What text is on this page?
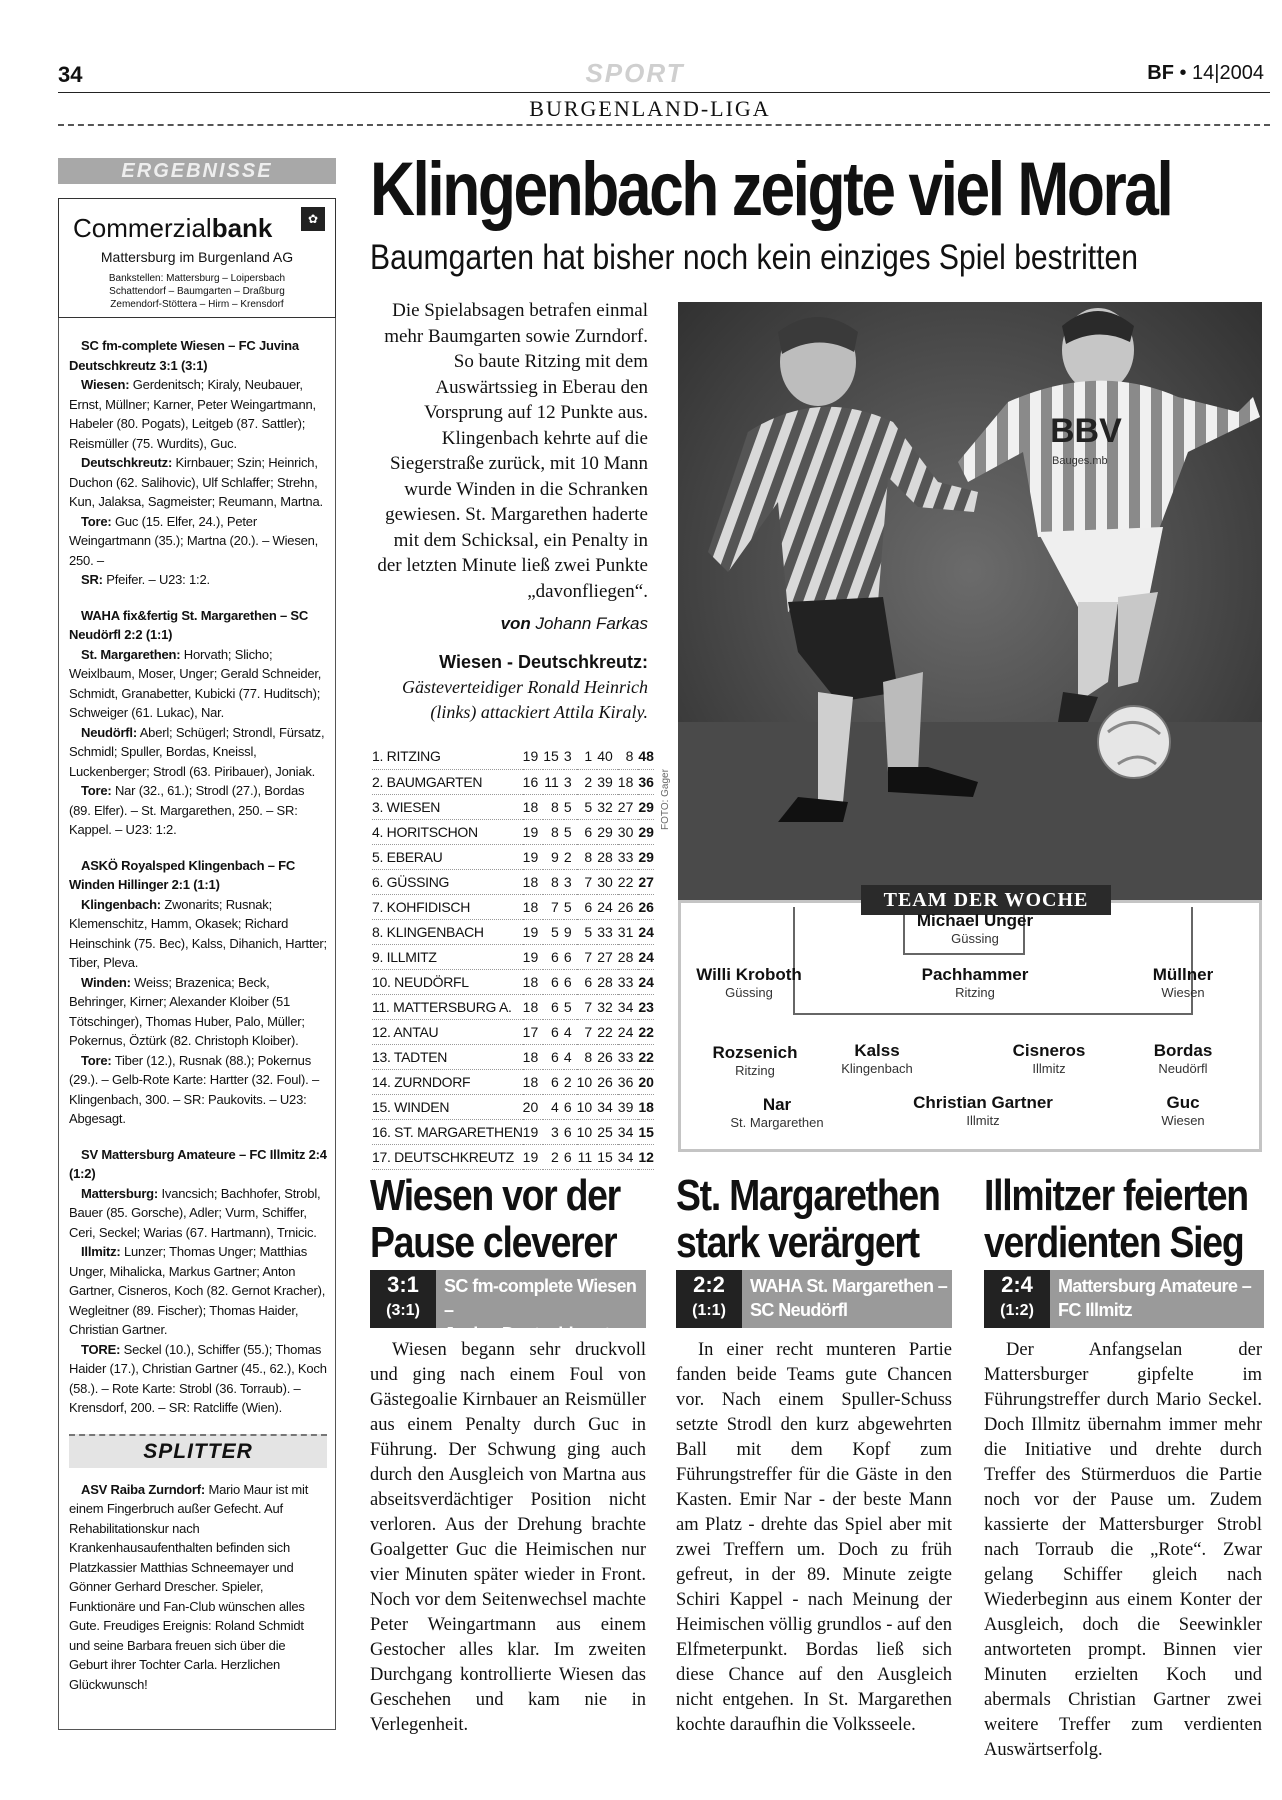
34	SPORT	BF • 14|2004
BURGENLAND-LIGA
ERGEBNISSE
Commerzialbank	✿
Mattersburg im Burgenland AG
Bankstellen: Mattersburg – Loipersbach
Schattendorf – Baumgarten – Draßburg
Zemendorf-Stöttera – Hirm – Krensdorf

SC fm-complete Wiesen – FC Juvina Deutschkreutz 3:1 (3:1)

Wiesen: Gerdenitsch; Kiraly, Neubauer, Ernst, Müllner; Karner, Peter Weingartmann, Habeler (80. Pogats), Leitgeb (87. Sattler); Reismüller (75. Wurdits), Guc.

Deutschkreutz: Kirnbauer; Szin; Heinrich, Duchon (62. Salihovic), Ulf Schlaffer; Strehn, Kun, Jalaksa, Sagmeister; Reumann, Martna.

Tore: Guc (15. Elfer, 24.), Peter Weingartmann (35.); Martna (20.). – Wiesen, 250. –

SR: Pfeifer. – U23: 1:2.

WAHA fix&fertig St. Margarethen – SC Neudörfl 2:2 (1:1)

St. Margarethen: Horvath; Slicho; Weixlbaum, Moser, Unger; Gerald Schneider, Schmidt, Granabetter, Kubicki (77. Huditsch); Schweiger (61. Lukac), Nar.

Neudörfl: Aberl; Schügerl; Strondl, Fürsatz, Schmidl; Spuller, Bordas, Kneissl, Luckenberger; Strodl (63. Piribauer), Joniak.

Tore: Nar (32., 61.); Strodl (27.), Bordas (89. Elfer). – St. Margarethen, 250. – SR: Kappel. – U23: 1:2.

ASKÖ Royalsped Klingenbach – FC Winden Hillinger 2:1 (1:1)

Klingenbach: Zwonarits; Rusnak; Klemenschitz, Hamm, Okasek; Richard Heinschink (75. Bec), Kalss, Dihanich, Hartter; Tiber, Pleva.

Winden: Weiss; Brazenica; Beck, Behringer, Kirner; Alexander Kloiber (51 Tötschinger), Thomas Huber, Palo, Müller; Pokernus, Öztürk (82. Christoph Kloiber).

Tore: Tiber (12.), Rusnak (88.); Pokernus (29.). – Gelb-Rote Karte: Hartter (32. Foul). – Klingenbach, 300. – SR: Paukovits. – U23: Abgesagt.

SV Mattersburg Amateure – FC Illmitz 2:4 (1:2)

Mattersburg: Ivancsich; Bachhofer, Strobl, Bauer (85. Gorsche), Adler; Vurm, Schiffer, Ceri, Seckel; Warias (67. Hartmann), Trnicic.

Illmitz: Lunzer; Thomas Unger; Matthias Unger, Mihalicka, Markus Gartner; Anton Gartner, Cisneros, Koch (82. Gernot Kracher), Wegleitner (89. Fischer); Thomas Haider, Christian Gartner.

TORE: Seckel (10.), Schiffer (55.); Thomas Haider (17.), Christian Gartner (45., 62.), Koch (58.). – Rote Karte: Strobl (36. Torraub). – Krensdorf, 200. – SR: Ratcliffe (Wien).

SPLITTER

ASV Raiba Zurndorf: Mario Maur ist mit einem Fingerbruch außer Gefecht. Auf Rehabilitationskur nach Krankenhausaufenthalten befinden sich Platzkassier Matthias Schneemayer und Gönner Gerhard Drescher. Spieler, Funktionäre und Fan-Club wünschen alles Gute. Freudiges Ereignis: Roland Schmidt und seine Barbara freuen sich über die Geburt ihrer Tochter Carla. Herzlichen Glückwunsch!

Klingenbach zeigte viel Moral
Baumgarten hat bisher noch kein einziges Spiel bestritten
Die Spielabsagen betrafen einmal mehr Baumgarten sowie Zurndorf. So baute Ritzing mit dem Auswärtssieg in Eberau den Vorsprung auf 12 Punkte aus. Klingenbach kehrte auf die Siegerstraße zurück, mit 10 Mann wurde Winden in die Schranken gewiesen. St. Margarethen haderte mit dem Schicksal, ein Penalty in der letzten Minute ließ zwei Punkte „davonfliegen“.
von Johann Farkas
Wiesen - Deutschkreutz: Gästeverteidiger Ronald Heinrich (links) attackiert Attila Kiraly.
1. RITZING	19	15	3	1	40	8	48
2. BAUMGARTEN	16	11	3	2	39	18	36
3. WIESEN	18	8	5	5	32	27	29
4. HORITSCHON	19	8	5	6	29	30	29
5. EBERAU	19	9	2	8	28	33	29
6. GÜSSING	18	8	3	7	30	22	27
7. KOHFIDISCH	18	7	5	6	24	26	26
8. KLINGENBACH	19	5	9	5	33	31	24
9. ILLMITZ	19	6	6	7	27	28	24
10. NEUDÖRFL	18	6	6	6	28	33	24
11. MATTERSBURG A.	18	6	5	7	32	34	23
12. ANTAU	17	6	4	7	22	24	22
13. TADTEN	18	6	4	8	26	33	22
14. ZURNDORF	18	6	2	10	26	36	20
15. WINDEN	20	4	6	10	34	39	18
16. ST. MARGARETHEN	19	3	6	10	25	34	15
17. DEUTSCHKREUTZ	19	2	6	11	15	34	12
BBV
Bauges.mb
FOTO: Gager
TEAM DER WOCHE
Michael Unger
Güssing
Willi Kroboth
Güssing
Pachhammer
Ritzing
Müllner
Wiesen
Rozsenich
Ritzing
Kalss
Klingenbach
Cisneros
Illmitz
Bordas
Neudörfl
Nar
St. Margarethen
Christian Gartner
Illmitz
Guc
Wiesen
Wiesen vor der
Pause cleverer
3:1
(3:1)
SC fm-complete Wiesen –
Juvina Deutschkreutz
Wiesen begann sehr druckvoll und ging nach einem Foul von Gästegoalie Kirnbauer an Reismüller aus einem Penalty durch Guc in Führung. Der Schwung ging auch durch den Ausgleich von Martna aus abseitsverdächtiger Position nicht verloren. Aus der Drehung brachte Goalgetter Guc die Heimischen nur vier Minuten später wieder in Front. Noch vor dem Seitenwechsel machte Peter Weingartmann aus einem Gestocher alles klar. Im zweiten Durchgang kontrollierte Wiesen das Geschehen und kam nie in Verlegenheit.
St. Margarethen
stark verärgert
2:2
(1:1)
WAHA St. Margarethen –
SC Neudörfl
In einer recht munteren Partie fanden beide Teams gute Chancen vor. Nach einem Spuller-Schuss setzte Strodl den kurz abgewehrten Ball mit dem Kopf zum Führungstreffer für die Gäste in den Kasten. Emir Nar - der beste Mann am Platz - drehte das Spiel aber mit zwei Treffern um. Doch zu früh gefreut, in der 89. Minute zeigte Schiri Kappel - nach Meinung der Heimischen völlig grundlos - auf den Elfmeterpunkt. Bordas ließ sich diese Chance auf den Ausgleich nicht entgehen. In St. Margarethen kochte daraufhin die Volksseele.
Illmitzer feierten
verdienten Sieg
2:4
(1:2)
Mattersburg Amateure –
FC Illmitz
Der Anfangselan der Mattersburger gipfelte im Führungstreffer durch Mario Seckel. Doch Illmitz übernahm immer mehr die Initiative und drehte durch Treffer des Stürmerduos die Partie noch vor der Pause um. Zudem kassierte der Mattersburger Strobl nach Torraub die „Rote“. Zwar gelang Schiffer gleich nach Wiederbeginn aus einem Konter der Ausgleich, doch die Seewinkler antworteten prompt. Binnen vier Minuten erzielten Koch und abermals Christian Gartner zwei weitere Treffer zum verdienten Auswärtserfolg.
